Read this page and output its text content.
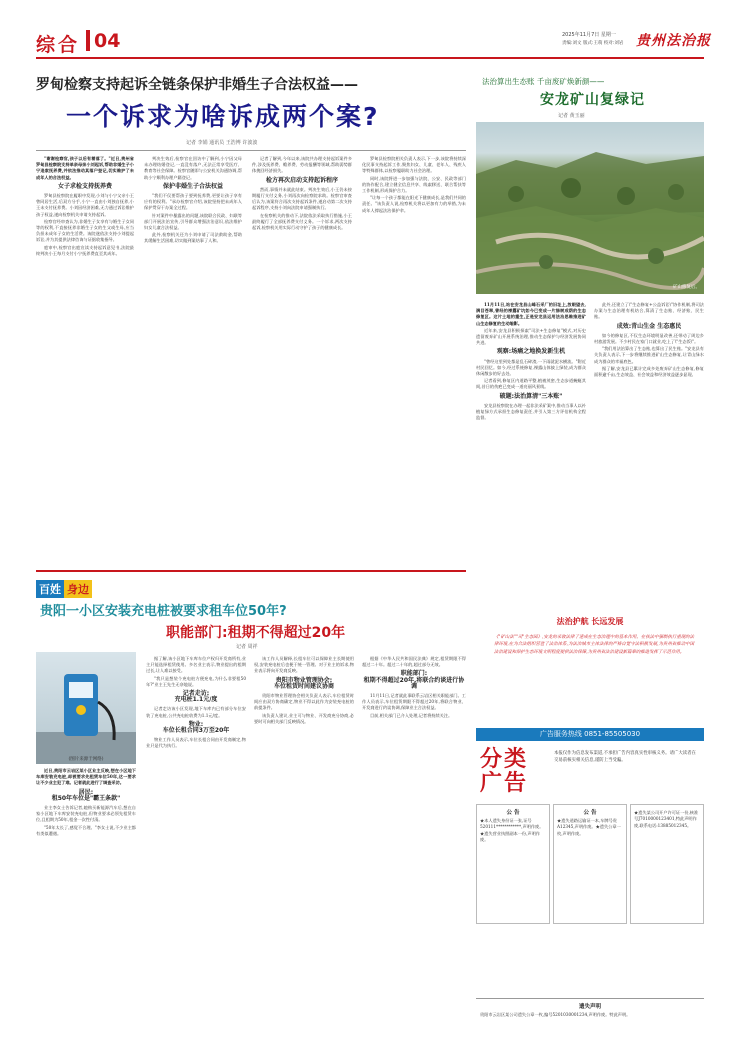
综合 04	2025年11月7日 星期一
责编:刘文 版式:王萌 校对:刘岩 贵州法治报
罗甸检察支持起诉全链条保护非婚生子合法权益——
一个诉求为啥诉成两个案?
记者 李娟 通讯员 王浩博 许波波

"谢谢检察官,孩子以后有着落了。"近日,贵州省罗甸县检察院支持单亲母亲小刘起诉,帮助非婚生子小宁追索抚养费,并依法推动其落户登记,切实维护了未成年人的合法权益。

女子求检支持抚养费

罗甸县检察院在履职中发现,小刘与小宁父亲小王曾同居生活,后双方分手,小宁一直由小刘独自抚养,小王未支付抚养费。小刘因经济困难,无力通过诉讼维护孩子权益,遂向检察机关申请支持起诉。

检察官经审查认为,非婚生子女享有与婚生子女同等的权利,不直接抚养非婚生子女的生父或生母,应当负担未成年子女的生活费。该院遂依法支持小刘提起诉讼,并为其提供法律咨询与证据收集指导。

庭审中,检察官出庭宣读支持起诉意见书,法院最终判决小王每月支付小宁抚养费直至其成年。

判决生效后,检察官在回访中了解到,小宁因父母未办理结婚登记,一直没有落户,无法正常享受医疗、教育等社会保障。检察官随即与公安机关沟通协调,帮助小宁顺利办理户籍登记。

保护非婚生子合法权益

"我们不仅要帮孩子要到抚养费,更要让孩子享有应有的权利。"承办检察官介绍,该院坚持把未成年人保护贯穿于办案全过程。

针对案件中暴露出的问题,该院联合民政、妇联等部门开展法治宣传,引导群众增强法治意识,依法维护妇女儿童合法权益。

此外,检察机关还为小刘申请了司法救助金,帮助其缓解生活困难,切实做到案结事了人和。

记者了解到,今年以来,该院共办理支持起诉案件多件,涉及抚养费、赡养费、劳动报酬等领域,帮助弱势群体挽回经济损失。

检方再次启动支持起诉程序

然而,事情并未就此结束。判决生效后,小王仍未按期履行支付义务,小刘再次向检察院求助。检察官审查后认为,该案符合再次支持起诉条件,遂启动第二次支持起诉程序,支持小刘向法院申请强制执行。

在检察机关的推动下,法院依法采取执行措施,小王最终履行了全部抚养费支付义务。一个诉求,两次支持起诉,检察机关用实际行动守护了孩子的健康成长。

罗甸县检察院相关负责人表示,下一步,该院将持续深化民事支持起诉工作,聚焦妇女、儿童、老年人、残疾人等特殊群体,以检察履职助力社会治理。

同时,该院将进一步加强与法院、公安、民政等部门的协作配合,建立健全信息共享、线索移送、联合帮扶等工作机制,形成保护合力。

"让每一个孩子都能在阳光下健康成长,是我们共同的责任。"该负责人说,检察机关将以更加有力的举措,为未成年人撑起法治保护伞。

法治算出生态账 千亩废矿焕新颜——
安龙矿山复绿记
记者 黄玉丽
矿山修复后。

11月11日,站在安龙县山峰石采厂的旧址上,放眼望去,满目苍翠,曾经的裸露矿坑如今已变成一片绿树成荫的生态修复区。这片土地的重生,正是安龙县运用法治思维推进矿山生态修复的生动缩影。

近年来,安龙县积极探索"司法+生态修复"模式,对历史遗留废弃矿山开展系统治理,推动生态保护与经济发展协同共进。

观察:场痛之地换发新生机

"曾经这里到处都是乱石碎渣,一下雨就泥水横流。"附近村民回忆。如今,经过系统修复,裸露山体披上绿装,成为群众休闲散步的好去处。

记者看到,修复区内道路平整,植被茂密,生态步道蜿蜒其间,昔日的伤疤已变成一道亮丽风景线。

破题:法治算清"三本账"

安龙县检察院在办理一起非法采矿案中,推动当事人以补植复绿方式承担生态修复责任,并引入第三方评估机构全程监督。

此外,还建立了\"生态修复+公益诉讼\"协作机制,将司法办案与生态治理有机结合,算清了生态账、经济账、民生账。

成效:青山生金 生态惠民

如今的修复区,不仅生态环境明显改善,还带动了周边乡村旅游发展。不少村民在家门口就业,吃上了\"生态饭\"。

"我们用法治算出了生态账,也算出了民生账。"安龙县有关负责人表示,下一步将继续推进矿山生态修复,让青山绿水成为群众的幸福底色。

据了解,安龙县已累计完成多处废弃矿山生态修复,修复面积逾千亩,生态效益、社会效益和经济效益逐步显现。

百姓 身边
贵阳一小区安装充电桩被要求租车位50年?
职能部门:租期不得超过20年
记者 周祥
(图片来源于网络)

近日,贵阳市云岩区某小区业主反映,想在小区地下车库安装充电桩,却被要求先租赁车位50年,这一要求让不少业主犯了难。记者就此进行了调查采访。

居民:
租50年车位是"霸王条款"

业主李女士告诉记者,她购买新能源汽车后,想在自家小区地下车库安装充电桩,但物业要求必须先租赁车位,且租期为50年,租金一次性付清。

"50年太长了,感觉不合理。"李女士说,不少业主都有类似遭遇。

据了解,该小区地下车库车位产权归开发商所有,业主只能选择租赁使用。多名业主表示,物业提出的租期过长,让人难以接受。

"我只是想装个充电桩方便充电,为什么非要租50年?"业主王先生无奈地说。

记者走访:
充电桩1.1元/度

记者走访该小区发现,地下车库内已有部分车位安装了充电桩,公共充电桩收费为1.1元/度。

物业:
车位长租合同3万至20年

物业工作人员表示,车位长租合同由开发商制定,物业只是代为执行。

该工作人员解释,长租车位可以保障业主长期使用权,安装充电桩后也便于统一管理。对于业主的诉求,物业表示将向开发商反映。

贵阳市物业管理协会:
车位租赁时间建议协商

贵阳市物业管理协会相关负责人表示,车位租赁时间应由双方协商确定,物业不得以此作为安装充电桩的前提条件。

该负责人建议,业主可与物业、开发商充分协商,必要时可向相关部门反映情况。

根据《中华人民共和国民法典》规定,租赁期限不得超过二十年。超过二十年的,超过部分无效。

职能部门:
租期不得超过20年,将联合约谈进行协调

11月11日,记者就此事联系云岩区相关职能部门。工作人员表示,车位租赁期限不得超过20年,将联合物业、开发商进行约谈协调,保障业主合法权益。

目前,相关部门已介入处理,记者将持续关注。

法治护航 长远发展
《"矿山法""司"生态园》,安龙的采收法律了速成在生态治理中的基本作用。在扶法中强制执行重现的法律环境,在为合法组织营造了法治体系,为法治城市主体法律的严格自觉守法积极发展,为贵州省推动中国法治建设和保护生态环境文明程度提供法治保障,为贵州省法治建设新篇章的推进发挥了示范作用。
广告服务热线 0851-85505030
分类广告
本报仅作为信息发布渠道,不承担广告内容真实性审核义务。请广大读者在交易前核实相关信息,谨防上当受骗。
公 告
★本人遗失身份证一张,证号520111************,声明作废。★遗失营业执照副本一份,声明作废。
公 告
★遗失道路运输证一本,车牌号贵A12345,声明作废。★遗失公章一枚,声明作废。
★遗失某公司开户许可证一份,核准号J7010000123401,特此声明作废,联系电话:13885012345。
遗失声明
贵阳市云岩区某公司遗失公章一枚,编号5201030001234,声明作废。特此声明。
